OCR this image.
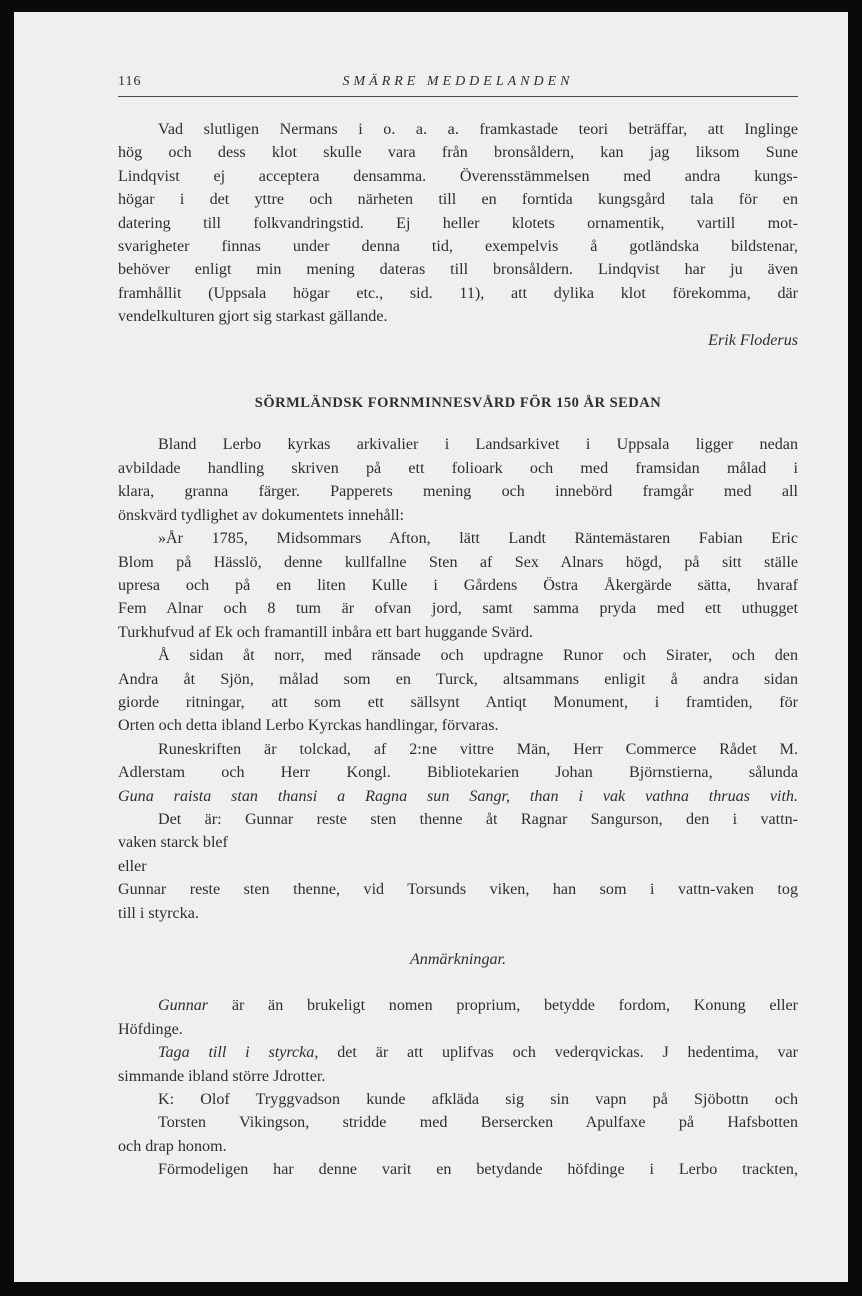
116	SMÄRRE MEDDELANDEN
Vad slutligen Nermans i o. a. a. framkastade teori beträffar, att Inglinge
hög och dess klot skulle vara från bronsåldern, kan jag liksom Sune
Lindqvist ej acceptera densamma. Överensstämmelsen med andra kungs-
högar i det yttre och närheten till en forntida kungsgård tala för en
datering till folkvandringstid. Ej heller klotets ornamentik, vartill mot-
svarigheter finnas under denna tid, exempelvis å gotländska bildstenar,
behöver enligt min mening dateras till bronsåldern. Lindqvist har ju även
framhållit (Uppsala högar etc., sid. 11), att dylika klot förekomma, där
vendelkulturen gjort sig starkast gällande.
Erik Floderus
SÖRMLÄNDSK FORNMINNESVÅRD FÖR 150 ÅR SEDAN
Bland Lerbo kyrkas arkivalier i Landsarkivet i Uppsala ligger nedan
avbildade handling skriven på ett folioark och med framsidan målad i
klara, granna färger. Papperets mening och innebörd framgår med all
önskvärd tydlighet av dokumentets innehåll:
»År 1785, Midsommars Afton, lätt Landt Räntemästaren Fabian Eric
Blom på Hässlö, denne kullfallne Sten af Sex Alnars högd, på sitt ställe
upresa och på en liten Kulle i Gårdens Östra Åkergärde sätta, hvaraf
Fem Alnar och 8 tum är ofvan jord, samt samma pryda med ett uthugget
Turkhufvud af Ek och framantill inbåra ett bart huggande Svärd.
Å sidan åt norr, med ränsade och updragne Runor och Sirater, och den
Andra åt Sjön, målad som en Turck, altsammans enligit å andra sidan
giorde ritningar, att som ett sällsynt Antiqt Monument, i framtiden, för
Orten och detta ibland Lerbo Kyrckas handlingar, förvaras.
Runeskriften är tolckad, af 2:ne vittre Män, Herr Commerce Rådet M.
Adlerstam och Herr Kongl. Bibliotekarien Johan Björnstierna, sålunda
Guna raista stan thansi a Ragna sun Sangr, than i vak vathna thruas vith.
Det är: Gunnar reste sten thenne åt Ragnar Sangurson, den i vattn-
vaken starck blef
eller
Gunnar reste sten thenne, vid Torsunds viken, han som i vattn-vaken tog
till i styrcka.
Anmärkningar.
Gunnar är än brukeligt nomen proprium, betydde fordom, Konung eller
Höfdinge.
Taga till i styrcka, det är att uplifvas och vederqvickas. J hedentima, var
simmande ibland större Jdrotter.
K: Olof Tryggvadson kunde afkläda sig sin vapn på Sjöbottn och
Torsten Vikingson, stridde med Bersercken Apulfaxe på Hafsbotten
och drap honom.
Förmodeligen har denne varit en betydande höfdinge i Lerbo trackten,
